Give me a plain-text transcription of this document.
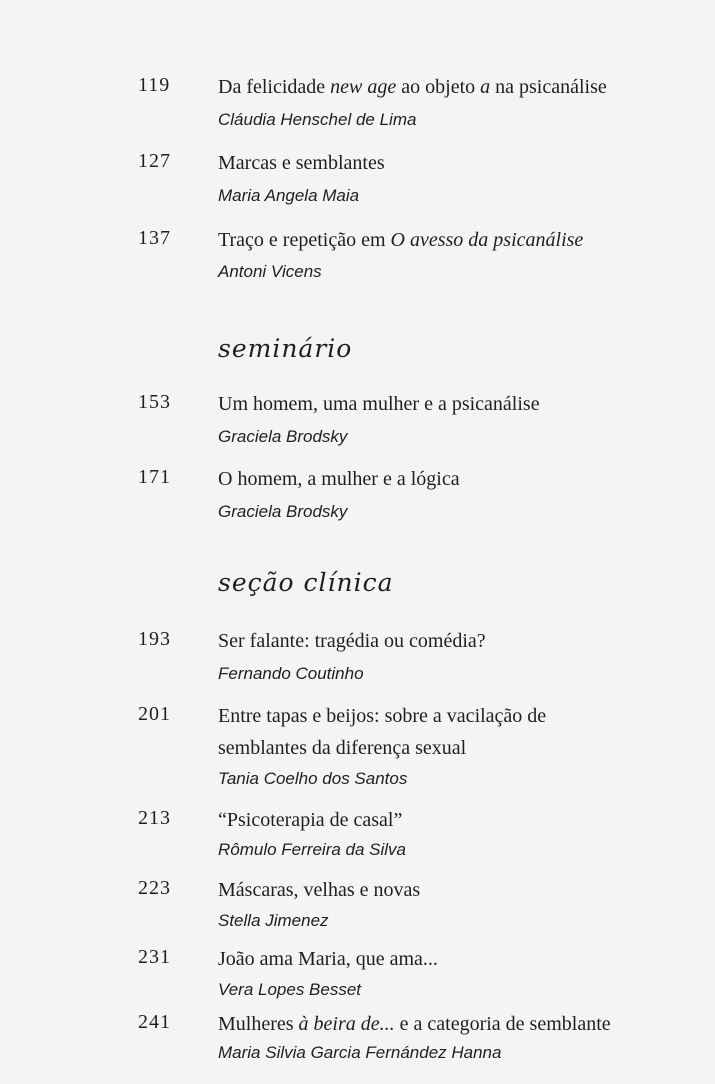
119	Da felicidade new age ao objeto a na psicanálise
Cláudia Henschel de Lima
127	Marcas e semblantes
Maria Angela Maia
137	Traço e repetição em O avesso da psicanálise
Antoni Vicens
seminário
153	Um homem, uma mulher e a psicanálise
Graciela Brodsky
171	O homem, a mulher e a lógica
Graciela Brodsky
seção clínica
193	Ser falante: tragédia ou comédia?
Fernando Coutinho
201	Entre tapas e beijos: sobre a vacilação de
semblantes da diferença sexual
Tania Coelho dos Santos
213	“Psicoterapia de casal”
Rômulo Ferreira da Silva
223	Máscaras, velhas e novas
Stella Jimenez
231	João ama Maria, que ama...
Vera Lopes Besset
241	Mulheres à beira de... e a categoria de semblante
Maria Silvia Garcia Fernández Hanna
